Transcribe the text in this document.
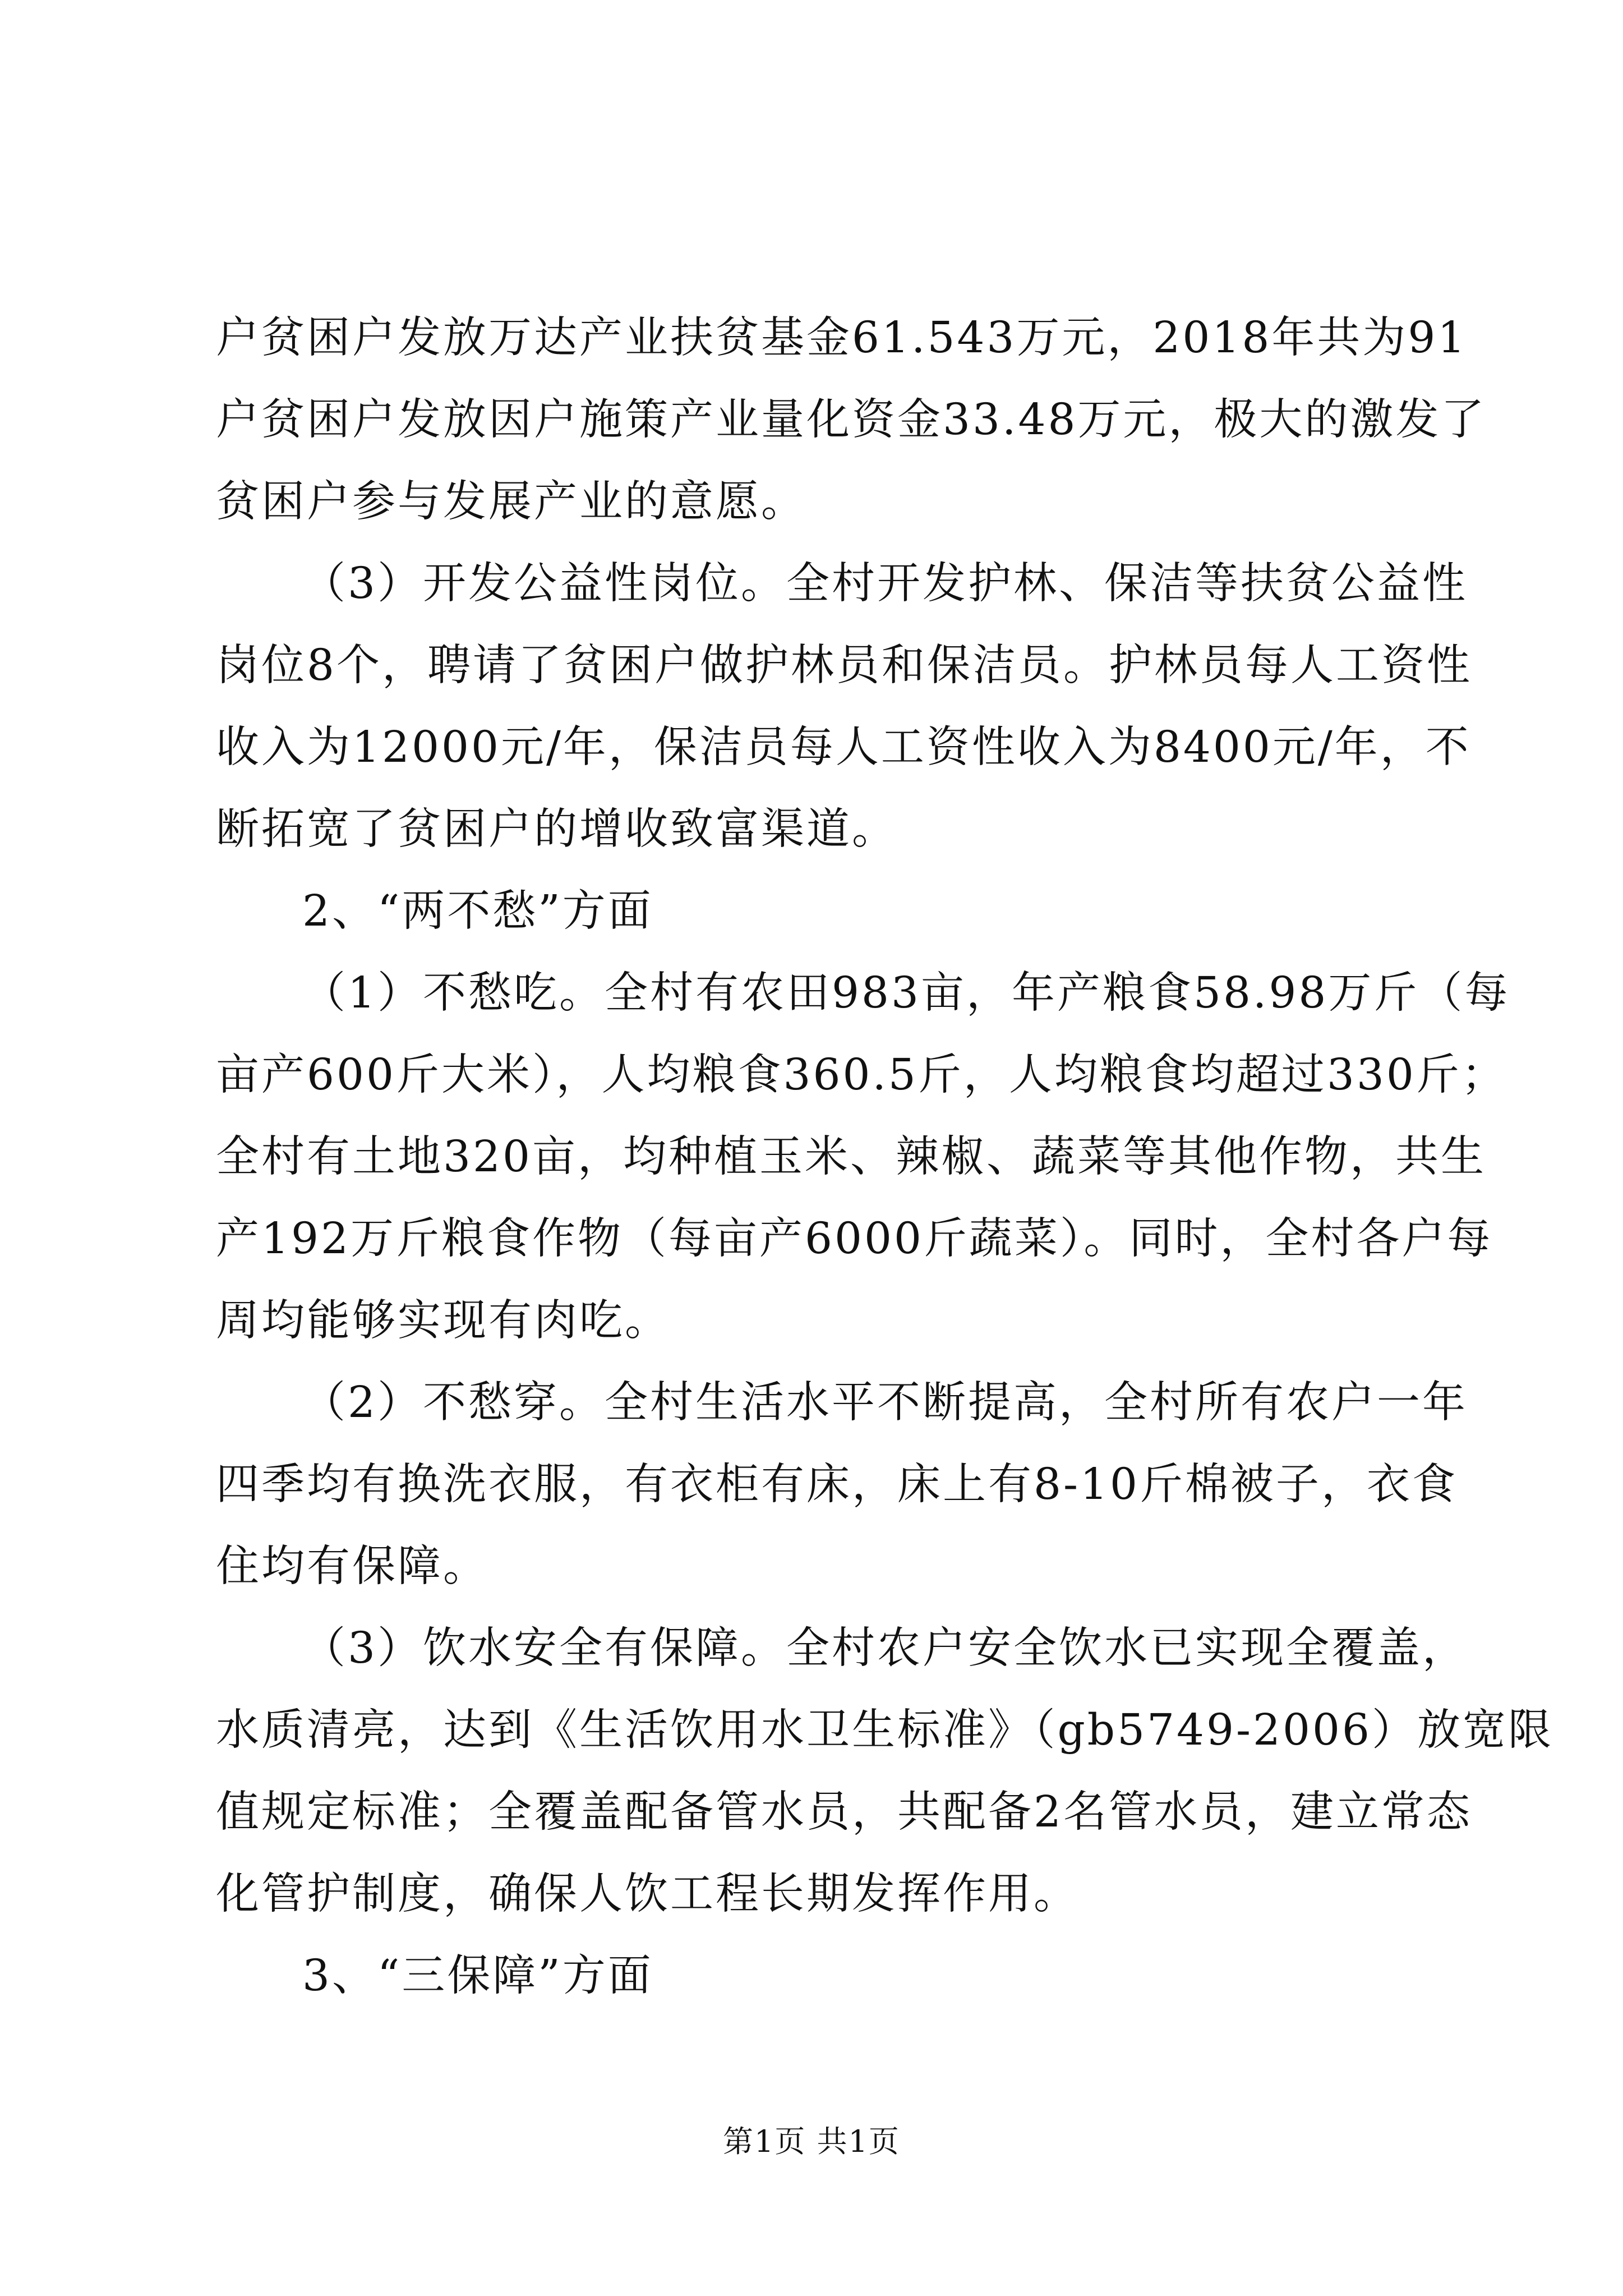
户贫困户发放万达产业扶贫基金61.543万元，2018年共为91
户贫困户发放因户施策产业量化资金33.48万元，极大的激发了
贫困户参与发展产业的意愿。

（3）开发公益性岗位。全村开发护林、保洁等扶贫公益性
岗位8个，聘请了贫困户做护林员和保洁员。护林员每人工资性
收入为12000元/年，保洁员每人工资性收入为8400元/年，不
断拓宽了贫困户的增收致富渠道。

2、“两不愁”方面

（1）不愁吃。全村有农田983亩，年产粮食58.98万斤（每
亩产600斤大米），人均粮食360.5斤，人均粮食均超过330斤；
全村有土地320亩，均种植玉米、辣椒、蔬菜等其他作物，共生
产192万斤粮食作物（每亩产6000斤蔬菜）。同时，全村各户每
周均能够实现有肉吃。

（2）不愁穿。全村生活水平不断提高，全村所有农户一年
四季均有换洗衣服，有衣柜有床，床上有8-10斤棉被子，衣食
住均有保障。

（3）饮水安全有保障。全村农户安全饮水已实现全覆盖，
水质清亮，达到《生活饮用水卫生标准》（gb5749-2006）放宽限
值规定标准；全覆盖配备管水员，共配备2名管水员，建立常态
化管护制度，确保人饮工程长期发挥作用。

3、“三保障”方面

第1页 共1页
